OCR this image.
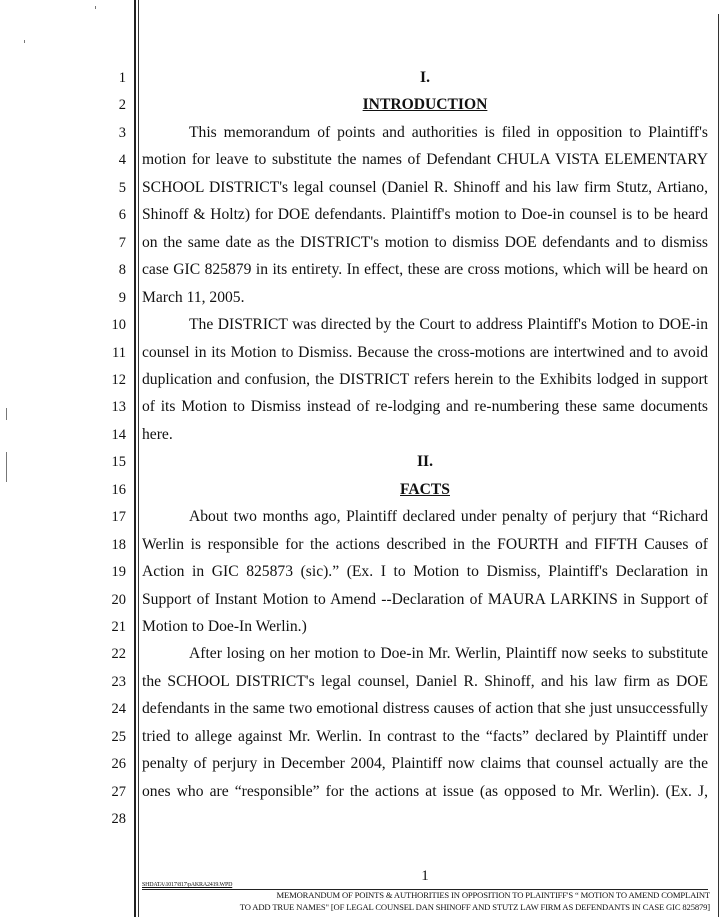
1
2
3
4
5
6
7
8
9
10
11
12
13
14
15
16
17
18
19
20
21
22
23
24
25
26
27
28
I.
INTRODUCTION
This memorandum of points and authorities is filed in opposition to Plaintiff's
motion for leave to substitute the names of Defendant CHULA VISTA ELEMENTARY
SCHOOL DISTRICT's legal counsel (Daniel R. Shinoff and his law firm Stutz, Artiano,
Shinoff & Holtz) for DOE defendants. Plaintiff's motion to Doe-in counsel is to be heard
on the same date as the DISTRICT's motion to dismiss DOE defendants and to dismiss
case GIC 825879 in its entirety. In effect, these are cross motions, which will be heard on
March 11, 2005.
The DISTRICT was directed by the Court to address Plaintiff's Motion to DOE-in
counsel in its Motion to Dismiss. Because the cross-motions are intertwined and to avoid
duplication and confusion, the DISTRICT refers herein to the Exhibits lodged in support
of its Motion to Dismiss instead of re-lodging and re-numbering these same documents
here.
II.
FACTS
About two months ago, Plaintiff declared under penalty of perjury that “Richard
Werlin is responsible for the actions described in the FOURTH and FIFTH Causes of
Action in GIC 825873 (sic).” (Ex. I to Motion to Dismiss, Plaintiff's Declaration in
Support of Instant Motion to Amend --Declaration of MAURA LARKINS in Support of
Motion to Doe-In Werlin.)
After losing on her motion to Doe-in Mr. Werlin, Plaintiff now seeks to substitute
the SCHOOL DISTRICT's legal counsel, Daniel R. Shinoff, and his law firm as DOE
defendants in the same two emotional distress causes of action that she just unsuccessfully
tried to allege against Mr. Werlin. In contrast to the “facts” declared by Plaintiff under
penalty of perjury in December 2004, Plaintiff now claims that counsel actually are the
ones who are “responsible” for the actions at issue (as opposed to Mr. Werlin). (Ex. J,
1
SHDATA\1017\817\pAKRA2419.WPD
MEMORANDUM OF POINTS & AUTHORITIES IN OPPOSITION TO PLAINTIFF'S “ MOTION TO AMEND COMPLAINT
TO ADD TRUE NAMES" [OF LEGAL COUNSEL DAN SHINOFF AND STUTZ LAW FIRM AS DEFENDANTS IN CASE GIC 825879]
